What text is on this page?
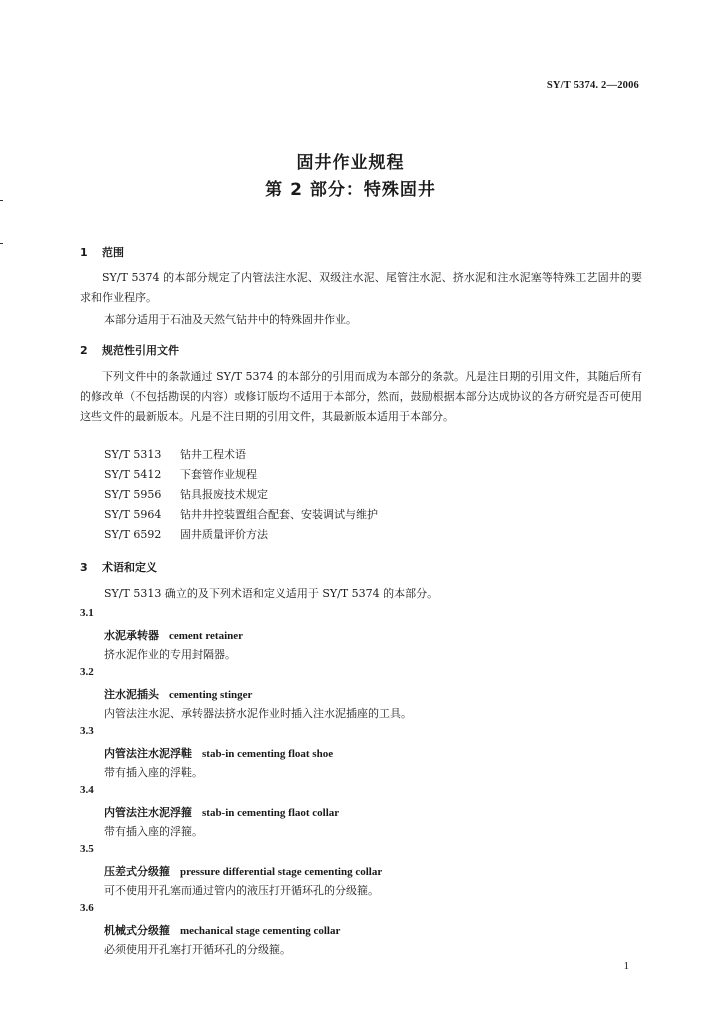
SY/T 5374. 2—2006
固井作业规程
第 2 部分：特殊固井
1 范围
SY/T 5374 的本部分规定了内管法注水泥、双级注水泥、尾管注水泥、挤水泥和注水泥塞等特殊工艺固井的要求和作业程序。
本部分适用于石油及天然气钻井中的特殊固井作业。
2 规范性引用文件
下列文件中的条款通过 SY/T 5374 的本部分的引用而成为本部分的条款。凡是注日期的引用文件，其随后所有的修改单（不包括勘误的内容）或修订版均不适用于本部分，然而，鼓励根据本部分达成协议的各方研究是否可使用这些文件的最新版本。凡是不注日期的引用文件，其最新版本适用于本部分。
SY/T 5313 钻井工程术语
SY/T 5412 下套管作业规程
SY/T 5956 钻具报废技术规定
SY/T 5964 钻井井控装置组合配套、安装调试与维护
SY/T 6592 固井质量评价方法
3 术语和定义
SY/T 5313 确立的及下列术语和定义适用于 SY/T 5374 的本部分。
3.1
水泥承转器 cement retainer
挤水泥作业的专用封隔器。
3.2
注水泥插头 cementing stinger
内管法注水泥、承转器法挤水泥作业时插入注水泥插座的工具。
3.3
内管法注水泥浮鞋 stab-in cementing float shoe
带有插入座的浮鞋。
3.4
内管法注水泥浮箍 stab-in cementing flaot collar
带有插入座的浮箍。
3.5
压差式分级箍 pressure differential stage cementing collar
可不使用开孔塞而通过管内的液压打开循环孔的分级箍。
3.6
机械式分级箍 mechanical stage cementing collar
必须使用开孔塞打开循环孔的分级箍。
1
